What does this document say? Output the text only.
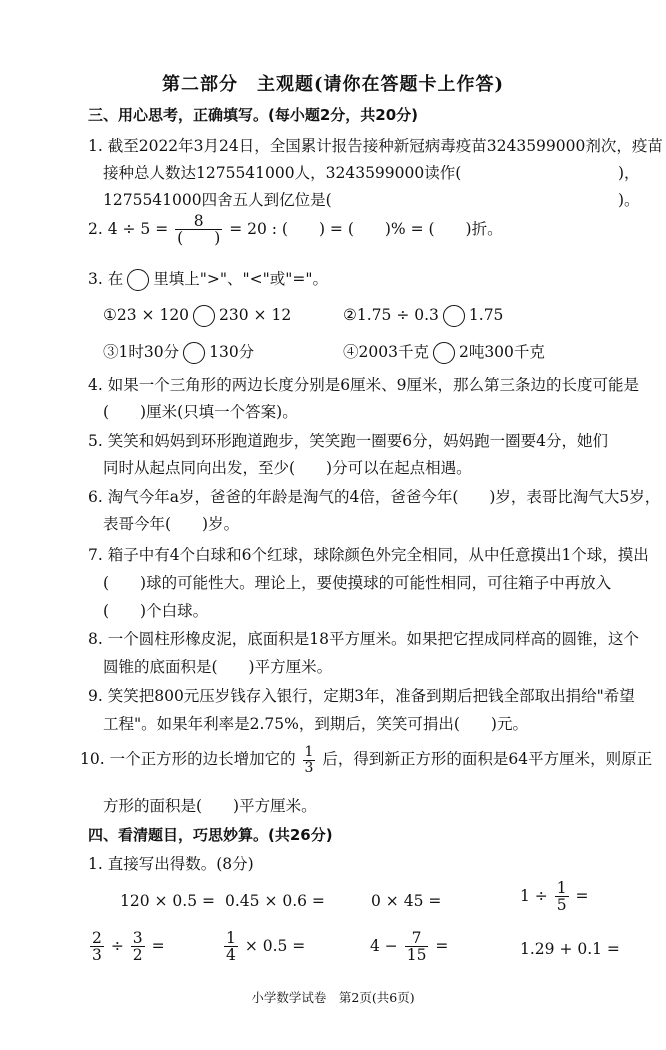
第二部分　主观题(请你在答题卡上作答)
三、用心思考，正确填写。(每小题2分，共20分)
1. 截至2022年3月24日，全国累计报告接种新冠病毒疫苗3243599000剂次，疫苗
接种总人数达1275541000人，3243599000读作(	)，
1275541000四舍五人到亿位是(	)。
2. $4 \div 5 = \frac{8}{( )} = 20$ : (　　) = (　　)% = (　　)折。
3. 在 里填上">"、"<"或"="。
①23 × 120 230 × 12	②1.75 ÷ 0.3 1.75
③1时30分 130分	④2003千克 2吨300千克
4. 如果一个三角形的两边长度分别是6厘米、9厘米，那么第三条边的长度可能是
(　　)厘米(只填一个答案)。
5. 笑笑和妈妈到环形跑道跑步，笑笑跑一圈要6分，妈妈跑一圈要4分，她们
同时从起点同向出发，至少(　　)分可以在起点相遇。
6. 淘气今年a岁，爸爸的年龄是淘气的4倍，爸爸今年(　　)岁，表哥比淘气大5岁，
表哥今年(　　)岁。
7. 箱子中有4个白球和6个红球，球除颜色外完全相同，从中任意摸出1个球，摸出
(　　)球的可能性大。理论上，要使摸球的可能性相同，可往箱子中再放入
(　　)个白球。
8. 一个圆柱形橡皮泥，底面积是18平方厘米。如果把它捏成同样高的圆锥，这个
圆锥的底面积是(　　)平方厘米。
9. 笑笑把800元压岁钱存入银行，定期3年，准备到期后把钱全部取出捐给"希望
工程"。如果年利率是2.75%，到期后，笑笑可捐出(　　)元。
10. 一个正方形的边长增加它的 $\frac{1}{3}$ 后，得到新正方形的面积是64平方厘米，则原正
方形的面积是(　　)平方厘米。
四、看清题目，巧思妙算。(共26分)
1. 直接写出得数。(8分)
120 × 0.5 = 0.45 × 0.6 =	0 × 45 =	$1 \div \frac{1}{5}$ =
$\frac{2}{3} \div \frac{3}{2}$ =	$\frac{1}{4} \times 0.5$ =	$4 - \frac{7}{15}$ =	1.29 + 0.1 =
小学数学试卷　第2页(共6页)
